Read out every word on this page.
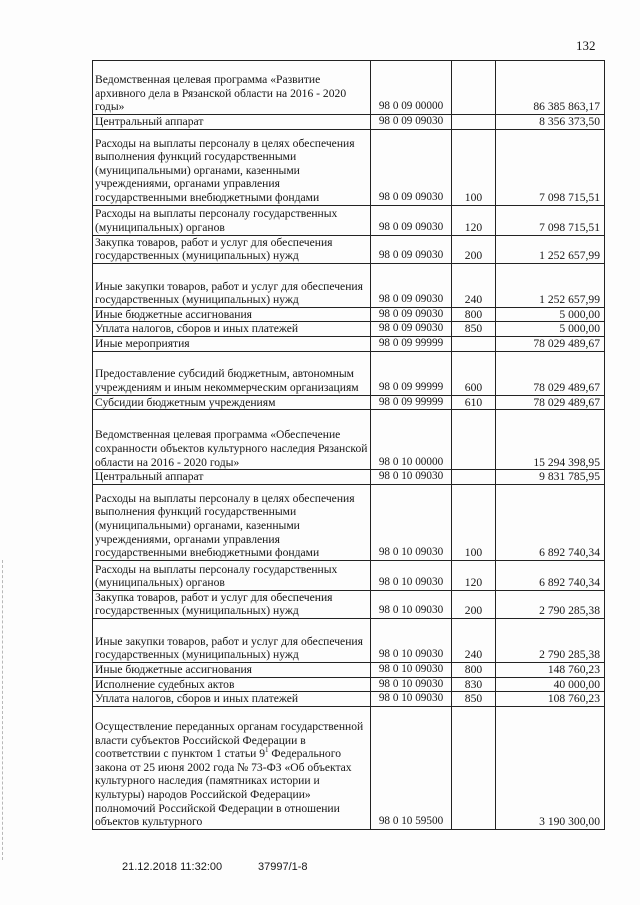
132
Ведомственная целевая программа «Развитие архивного дела в Рязанской области на 2016 - 2020 годы»	98 0 09 00000		86 385 863,17
Центральный аппарат	98 0 09 09030		8 356 373,50
Расходы на выплаты персоналу в целях обеспечения выполнения функций государственными (муниципальными) органами, казенными учреждениями, органами управления государственными внебюджетными фондами	98 0 09 09030	100	7 098 715,51
Расходы на выплаты персоналу государственных (муниципальных) органов	98 0 09 09030	120	7 098 715,51
Закупка товаров, работ и услуг для обеспечения государственных (муниципальных) нужд	98 0 09 09030	200	1 252 657,99
Иные закупки товаров, работ и услуг для обеспечения государственных (муниципальных) нужд	98 0 09 09030	240	1 252 657,99
Иные бюджетные ассигнования	98 0 09 09030	800	5 000,00
Уплата налогов, сборов и иных платежей	98 0 09 09030	850	5 000,00
Иные мероприятия	98 0 09 99999		78 029 489,67
Предоставление субсидий бюджетным, автономным учреждениям и иным некоммерческим организациям	98 0 09 99999	600	78 029 489,67
Субсидии бюджетным учреждениям	98 0 09 99999	610	78 029 489,67
Ведомственная целевая программа «Обеспечение сохранности объектов культурного наследия Рязанской области на 2016 - 2020 годы»	98 0 10 00000		15 294 398,95
Центральный аппарат	98 0 10 09030		9 831 785,95
Расходы на выплаты персоналу в целях обеспечения выполнения функций государственными (муниципальными) органами, казенными учреждениями, органами управления государственными внебюджетными фондами	98 0 10 09030	100	6 892 740,34
Расходы на выплаты персоналу государственных (муниципальных) органов	98 0 10 09030	120	6 892 740,34
Закупка товаров, работ и услуг для обеспечения государственных (муниципальных) нужд	98 0 10 09030	200	2 790 285,38
Иные закупки товаров, работ и услуг для обеспечения государственных (муниципальных) нужд	98 0 10 09030	240	2 790 285,38
Иные бюджетные ассигнования	98 0 10 09030	800	148 760,23
Исполнение судебных актов	98 0 10 09030	830	40 000,00
Уплата налогов, сборов и иных платежей	98 0 10 09030	850	108 760,23
Осуществление переданных органам государственной власти субъектов Российской Федерации в соответствии с пунктом 1 статьи $9^1$ Федерального закона от 25 июня 2002 года № 73-ФЗ «Об объектах культурного наследия (памятниках истории и культуры) народов Российской Федерации» полномочий Российской Федерации в отношении объектов культурного	98 0 10 59500		3 190 300,00
21.12.2018 11:32:00	37997/1-8
